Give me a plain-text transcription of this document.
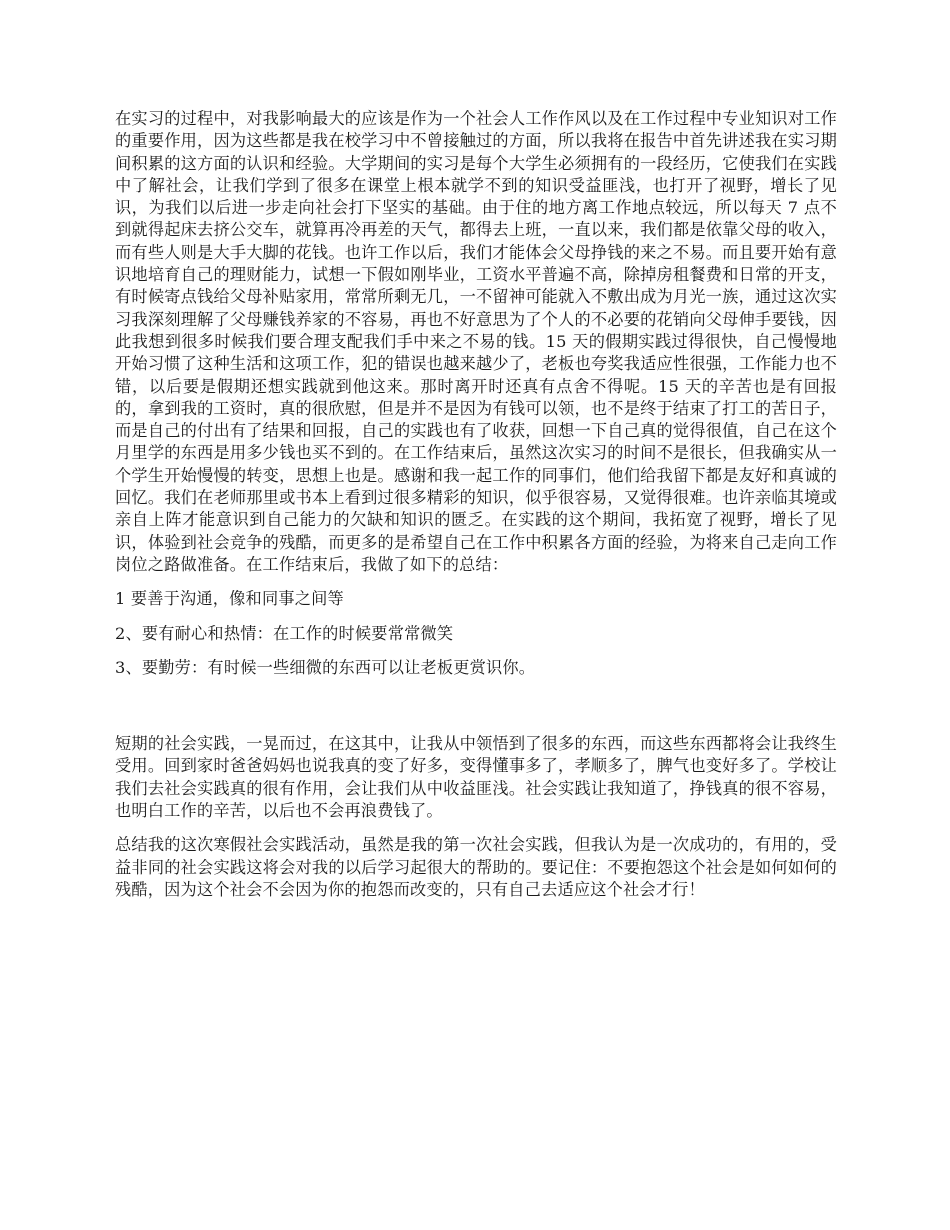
在实习的过程中，对我影响最大的应该是作为一个社会人工作作风以及在工作过程中专业知识对工作的重要作用，因为这些都是我在校学习中不曾接触过的方面，所以我将在报告中首先讲述我在实习期间积累的这方面的认识和经验。大学期间的实习是每个大学生必须拥有的一段经历，它使我们在实践中了解社会，让我们学到了很多在课堂上根本就学不到的知识受益匪浅，也打开了视野，增长了见识，为我们以后进一步走向社会打下坚实的基础。由于住的地方离工作地点较远，所以每天 7 点不到就得起床去挤公交车，就算再冷再差的天气，都得去上班，一直以来，我们都是依靠父母的收入，而有些人则是大手大脚的花钱。也许工作以后，我们才能体会父母挣钱的来之不易。而且要开始有意识地培育自己的理财能力，试想一下假如刚毕业，工资水平普遍不高，除掉房租餐费和日常的开支，有时候寄点钱给父母补贴家用，常常所剩无几，一不留神可能就入不敷出成为月光一族，通过这次实习我深刻理解了父母赚钱养家的不容易，再也不好意思为了个人的不必要的花销向父母伸手要钱，因此我想到很多时候我们要合理支配我们手中来之不易的钱。15 天的假期实践过得很快，自己慢慢地开始习惯了这种生活和这项工作，犯的错误也越来越少了，老板也夸奖我适应性很强，工作能力也不错，以后要是假期还想实践就到他这来。那时离开时还真有点舍不得呢。15 天的辛苦也是有回报的，拿到我的工资时，真的很欣慰，但是并不是因为有钱可以领，也不是终于结束了打工的苦日子，而是自己的付出有了结果和回报，自己的实践也有了收获，回想一下自己真的觉得很值，自己在这个月里学的东西是用多少钱也买不到的。在工作结束后，虽然这次实习的时间不是很长，但我确实从一个学生开始慢慢的转变，思想上也是。感谢和我一起工作的同事们，他们给我留下都是友好和真诚的回忆。我们在老师那里或书本上看到过很多精彩的知识，似乎很容易，又觉得很难。也许亲临其境或亲自上阵才能意识到自己能力的欠缺和知识的匮乏。在实践的这个期间，我拓宽了视野，增长了见识，体验到社会竞争的残酷，而更多的是希望自己在工作中积累各方面的经验，为将来自己走向工作岗位之路做准备。在工作结束后，我做了如下的总结：

1 要善于沟通，像和同事之间等

2、要有耐心和热情：在工作的时候要常常微笑

3、要勤劳：有时候一些细微的东西可以让老板更赏识你。

短期的社会实践，一晃而过，在这其中，让我从中领悟到了很多的东西，而这些东西都将会让我终生受用。回到家时爸爸妈妈也说我真的变了好多，变得懂事多了，孝顺多了，脾气也变好多了。学校让我们去社会实践真的很有作用，会让我们从中收益匪浅。社会实践让我知道了，挣钱真的很不容易，也明白工作的辛苦，以后也不会再浪费钱了。

总结我的这次寒假社会实践活动，虽然是我的第一次社会实践，但我认为是一次成功的，有用的，受益非同的社会实践这将会对我的以后学习起很大的帮助的。要记住：不要抱怨这个社会是如何如何的残酷，因为这个社会不会因为你的抱怨而改变的，只有自己去适应这个社会才行！
